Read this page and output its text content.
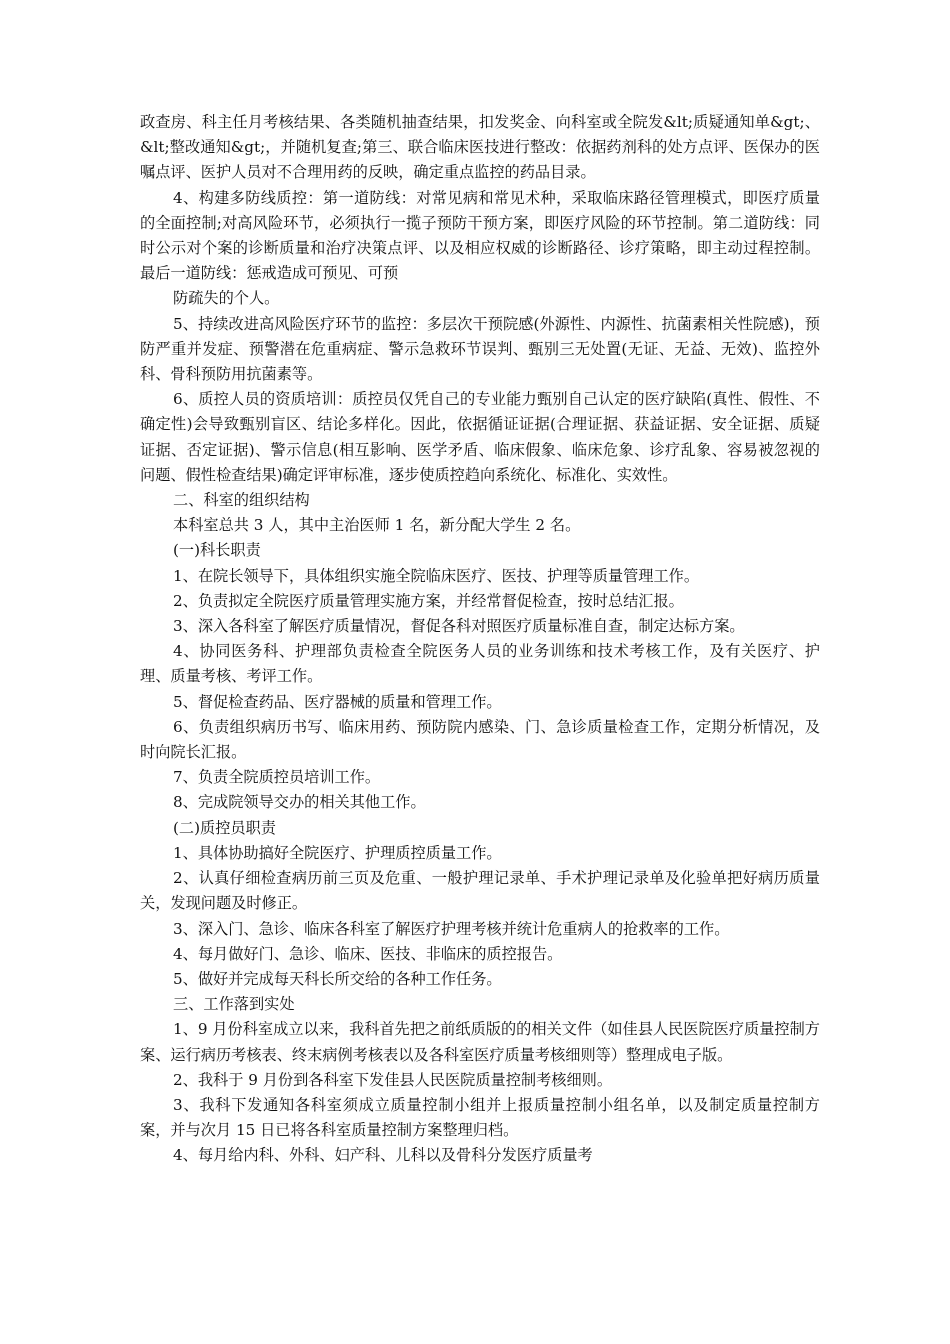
政查房、科主任月考核结果、各类随机抽查结果，扣发奖金、向科室或全院发&lt;质疑通知单&gt;、&lt;整改通知&gt;，并随机复查;第三、联合临床医技进行整改：依据药剂科的处方点评、医保办的医嘱点评、医护人员对不合理用药的反映，确定重点监控的药品目录。

4、构建多防线质控：第一道防线：对常见病和常见术种，采取临床路径管理模式，即医疗质量的全面控制;对高风险环节，必须执行一揽子预防干预方案，即医疗风险的环节控制。第二道防线：同时公示对个案的诊断质量和治疗决策点评、以及相应权威的诊断路径、诊疗策略，即主动过程控制。最后一道防线：惩戒造成可预见、可预

防疏失的个人。

5、持续改进高风险医疗环节的监控：多层次干预院感(外源性、内源性、抗菌素相关性院感)，预防严重并发症、预警潜在危重病症、警示急救环节误判、甄别三无处置(无证、无益、无效)、监控外科、骨科预防用抗菌素等。

6、质控人员的资质培训：质控员仅凭自己的专业能力甄别自己认定的医疗缺陷(真性、假性、不确定性)会导致甄别盲区、结论多样化。因此，依据循证证据(合理证据、获益证据、安全证据、质疑证据、否定证据)、警示信息(相互影响、医学矛盾、临床假象、临床危象、诊疗乱象、容易被忽视的问题、假性检查结果)确定评审标准，逐步使质控趋向系统化、标准化、实效性。

二、科室的组织结构

本科室总共 3 人，其中主治医师 1 名，新分配大学生 2 名。

(一)科长职责

1、在院长领导下，具体组织实施全院临床医疗、医技、护理等质量管理工作。

2、负责拟定全院医疗质量管理实施方案，并经常督促检查，按时总结汇报。

3、深入各科室了解医疗质量情况，督促各科对照医疗质量标准自查，制定达标方案。

4、协同医务科、护理部负责检查全院医务人员的业务训练和技术考核工作，及有关医疗、护理、质量考核、考评工作。

5、督促检查药品、医疗器械的质量和管理工作。

6、负责组织病历书写、临床用药、预防院内感染、门、急诊质量检查工作，定期分析情况，及时向院长汇报。

7、负责全院质控员培训工作。

8、完成院领导交办的相关其他工作。

(二)质控员职责

1、具体协助搞好全院医疗、护理质控质量工作。

2、认真仔细检查病历前三页及危重、一般护理记录单、手术护理记录单及化验单把好病历质量关，发现问题及时修正。

3、深入门、急诊、临床各科室了解医疗护理考核并统计危重病人的抢救率的工作。

4、每月做好门、急诊、临床、医技、非临床的质控报告。

5、做好并完成每天科长所交给的各种工作任务。

三、工作落到实处

1、9 月份科室成立以来，我科首先把之前纸质版的的相关文件（如佳县人民医院医疗质量控制方案、运行病历考核表、终末病例考核表以及各科室医疗质量考核细则等）整理成电子版。

2、我科于 9 月份到各科室下发佳县人民医院质量控制考核细则。

3、我科下发通知各科室须成立质量控制小组并上报质量控制小组名单，以及制定质量控制方案，并与次月 15 日已将各科室质量控制方案整理归档。

4、每月给内科、外科、妇产科、儿科以及骨科分发医疗质量考
